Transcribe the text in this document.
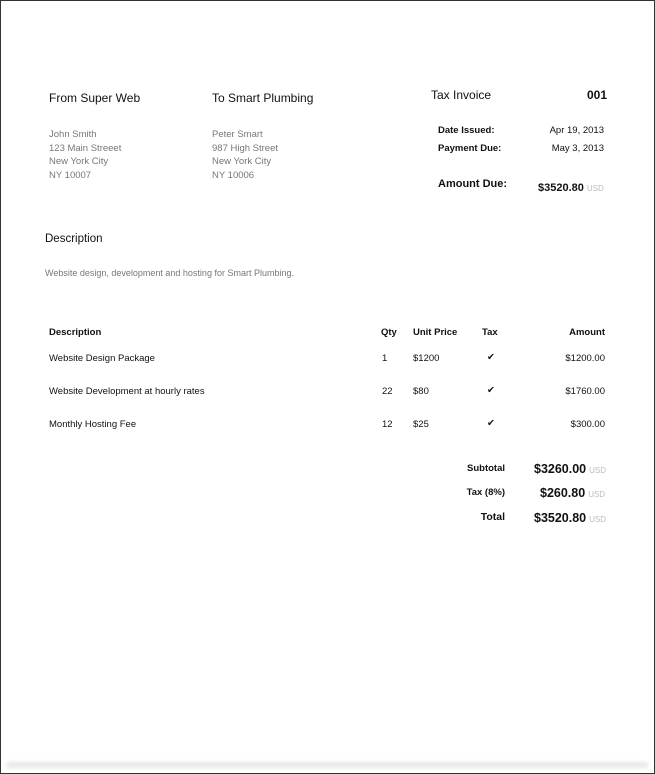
From Super Web
John Smith
123 Main Streeet
New York City
NY 10007
To Smart Plumbing
Peter Smart
987 High Street
New York City
NY 10006
Tax Invoice	001
Date Issued:	Apr 19, 2013
Payment Due:	May 3, 2013
Amount Due:	$3520.80 USD
Description
Website design, development and hosting for Smart Plumbing.
Description	Qty Unit Price	Tax	Amount
Website Design Package	1	$1200	✔	$1200.00
Website Development at hourly rates	22 $80	✔	$1760.00
Monthly Hosting Fee	12 $25	✔	$300.00
Subtotal $3260.00 USD
Tax (8%)	$260.80 USD
Total $3520.80 USD
